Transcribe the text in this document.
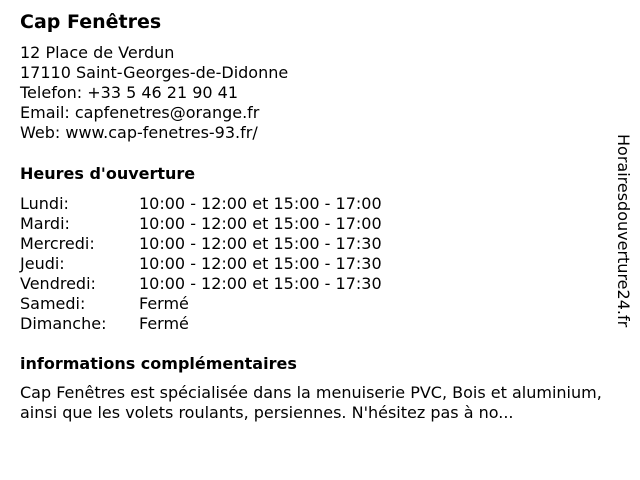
Cap Fenêtres
12 Place de Verdun
17110 Saint-Georges-de-Didonne
Telefon: +33 5 46 21 90 41
Email: capfenetres@orange.fr
Web: www.cap-fenetres-93.fr/
Heures d'ouverture
Lundi:	10:00 - 12:00 et 15:00 - 17:00
Mardi:	10:00 - 12:00 et 15:00 - 17:00
Mercredi:	10:00 - 12:00 et 15:00 - 17:30
Jeudi:	10:00 - 12:00 et 15:00 - 17:30
Vendredi:	10:00 - 12:00 et 15:00 - 17:30
Samedi:	Fermé
Dimanche: Fermé
informations complémentaires
Cap Fenêtres est spécialisée dans la menuiserie PVC, Bois et aluminium, ainsi que les volets roulants, persiennes. N'hésitez pas à no...
Horairesdouverture24.fr
